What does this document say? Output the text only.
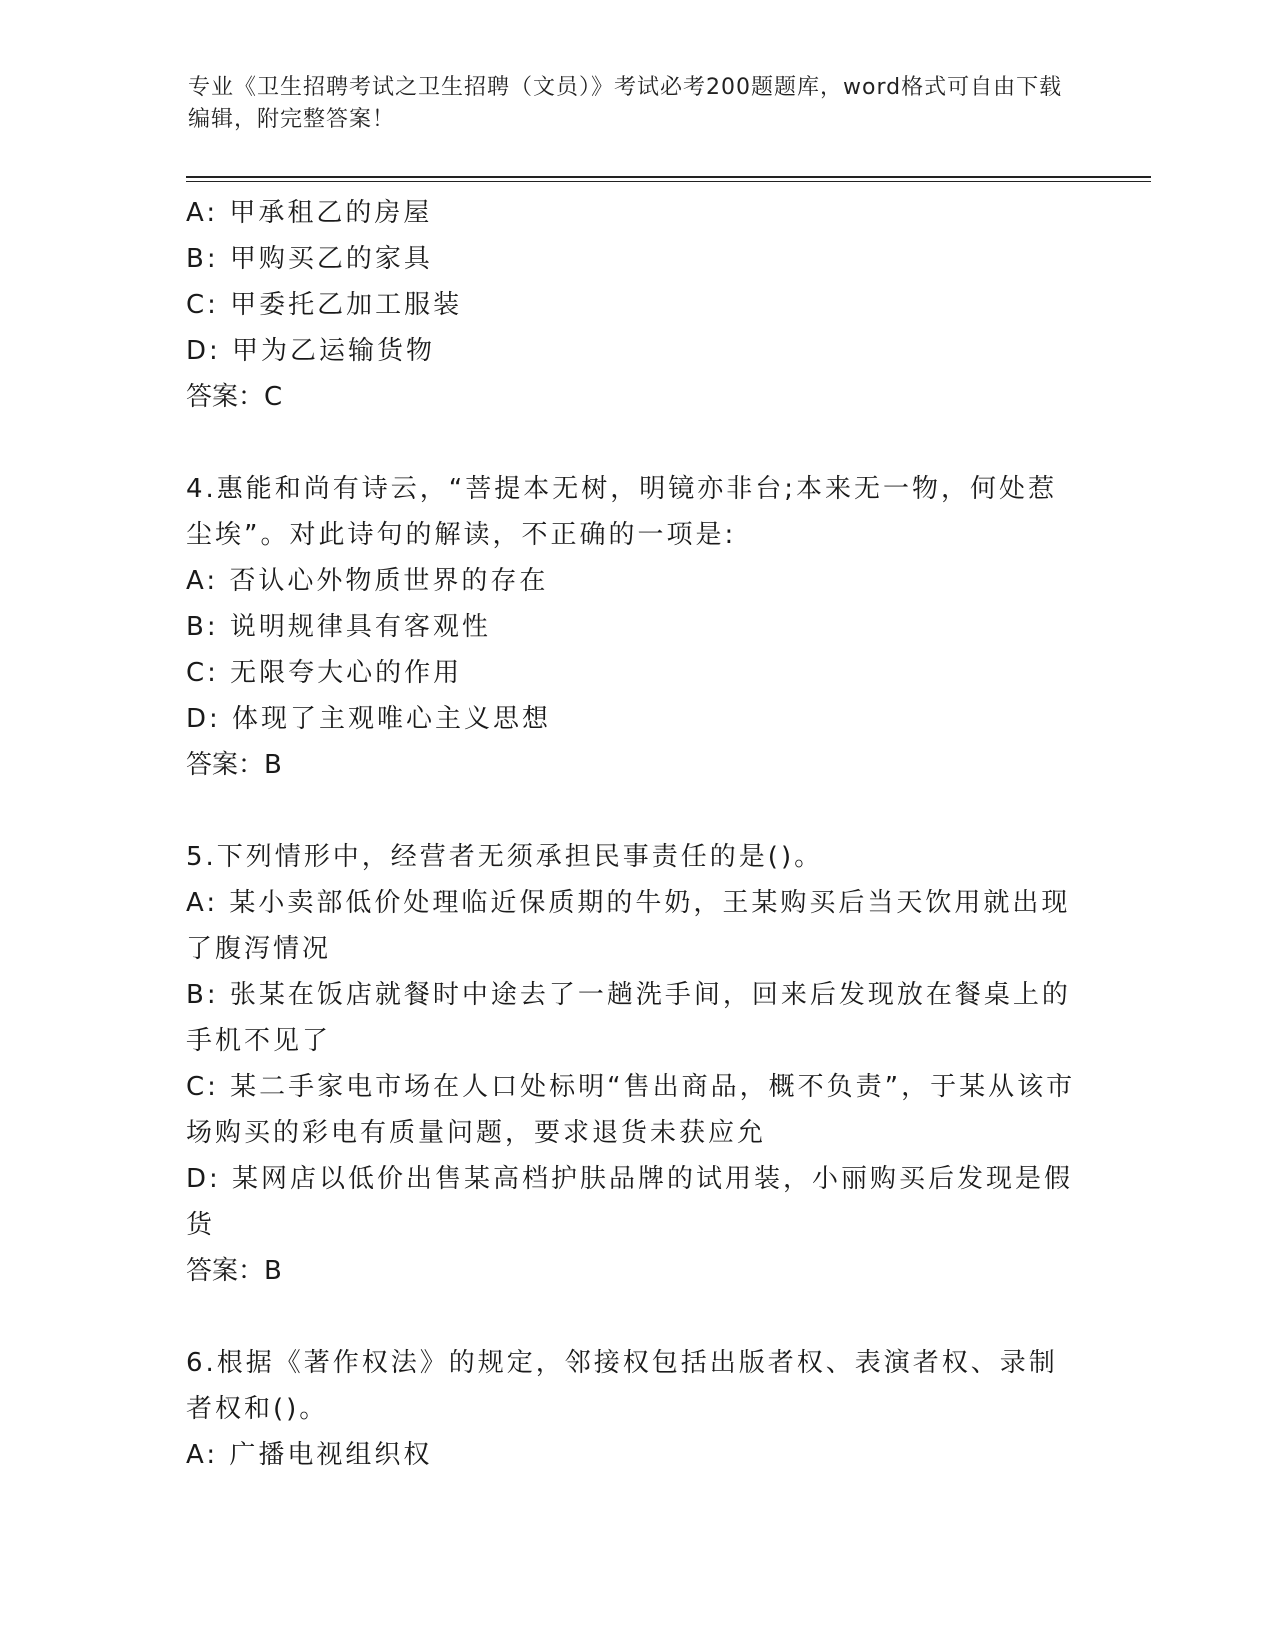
专业《卫生招聘考试之卫生招聘（文员）》考试必考200题题库，word格式可自由下载编辑，附完整答案！

A: 甲承租乙的房屋

B: 甲购买乙的家具

C: 甲委托乙加工服装

D: 甲为乙运输货物

答案：C

4.惠能和尚有诗云，“菩提本无树，明镜亦非台;本来无一物，何处惹尘埃”。对此诗句的解读，不正确的一项是:

A: 否认心外物质世界的存在

B: 说明规律具有客观性

C: 无限夸大心的作用

D: 体现了主观唯心主义思想

答案：B

5.下列情形中，经营者无须承担民事责任的是()。

A: 某小卖部低价处理临近保质期的牛奶，王某购买后当天饮用就出现了腹泻情况

B: 张某在饭店就餐时中途去了一趟洗手间，回来后发现放在餐桌上的手机不见了

C: 某二手家电市场在人口处标明“售出商品，概不负责”，于某从该市场购买的彩电有质量问题，要求退货未获应允

D: 某网店以低价出售某高档护肤品牌的试用装，小丽购买后发现是假货

答案：B

6.根据《著作权法》的规定，邻接权包括出版者权、表演者权、录制者权和()。

A: 广播电视组织权
